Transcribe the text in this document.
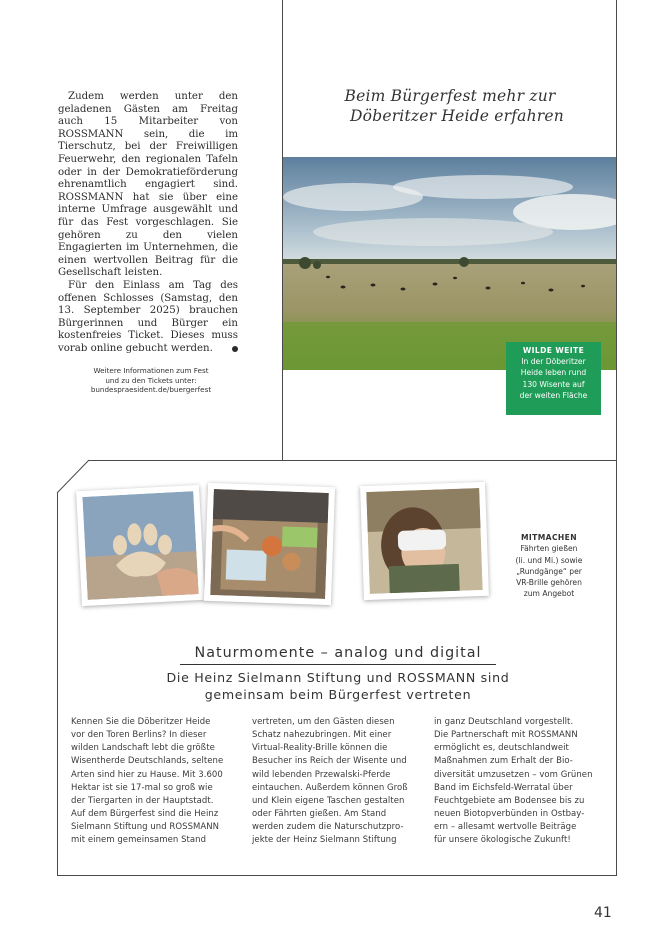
Zudem werden unter den geladenen Gästen am Freitag auch 15 Mitarbeiter von ROSSMANN sein, die im Tierschutz, bei der Freiwilligen Feuerwehr, den regionalen Tafeln oder in der Demokratieförderung ehrenamtlich engagiert sind. ROSSMANN hat sie über eine interne Umfrage ausgewählt und für das Fest vorgeschlagen. Sie gehören zu den vielen Engagierten im Unternehmen, die einen wertvollen Beitrag für die Gesellschaft leisten.

Für den Einlass am Tag des offenen Schlosses (Samstag, den 13. September 2025) brauchen Bürgerinnen und Bürger ein kostenfreies Ticket. Dieses muss vorab online gebucht werden.

Weitere Informationen zum Fest
und zu den Tickets unter:
bundespraesident.de/buergerfest
Beim Bürgerfest mehr zur
Döberitzer Heide erfahren
WILDE WEITE
In der Döberitzer
Heide leben rund
130 Wisente auf
der weiten Fläche
MITMACHEN
Fährten gießen
(li. und Mi.) sowie
„Rundgänge“ per
VR-Brille gehören
zum Angebot
Naturmomente – analog und digital
Die Heinz Sielmann Stiftung und ROSSMANN sind
gemeinsam beim Bürgerfest vertreten
Kennen Sie die Döberitzer Heide
vor den Toren Berlins? In dieser
wilden Landschaft lebt die größte
Wisentherde Deutschlands, seltene
Arten sind hier zu Hause. Mit 3.600
Hektar ist sie 17-mal so groß wie
der Tiergarten in der Hauptstadt.
Auf dem Bürgerfest sind die Heinz
Sielmann Stiftung und ROSSMANN
mit einem gemeinsamen Stand
vertreten, um den Gästen diesen
Schatz nahezubringen. Mit einer
Virtual-Reality-Brille können die
Besucher ins Reich der Wisente und
wild lebenden Przewalski-Pferde
eintauchen. Außerdem können Groß
und Klein eigene Taschen gestalten
oder Fährten gießen. Am Stand
werden zudem die Naturschutzpro-
jekte der Heinz Sielmann Stiftung
in ganz Deutschland vorgestellt.
Die Partnerschaft mit ROSSMANN
ermöglicht es, deutschlandweit
Maßnahmen zum Erhalt der Bio-
diversität umzusetzen – vom Grünen
Band im Eichsfeld-Werratal über
Feuchtgebiete am Bodensee bis zu
neuen Biotopverbünden in Ostbay-
ern – allesamt wertvolle Beiträge
für unsere ökologische Zukunft!
41
